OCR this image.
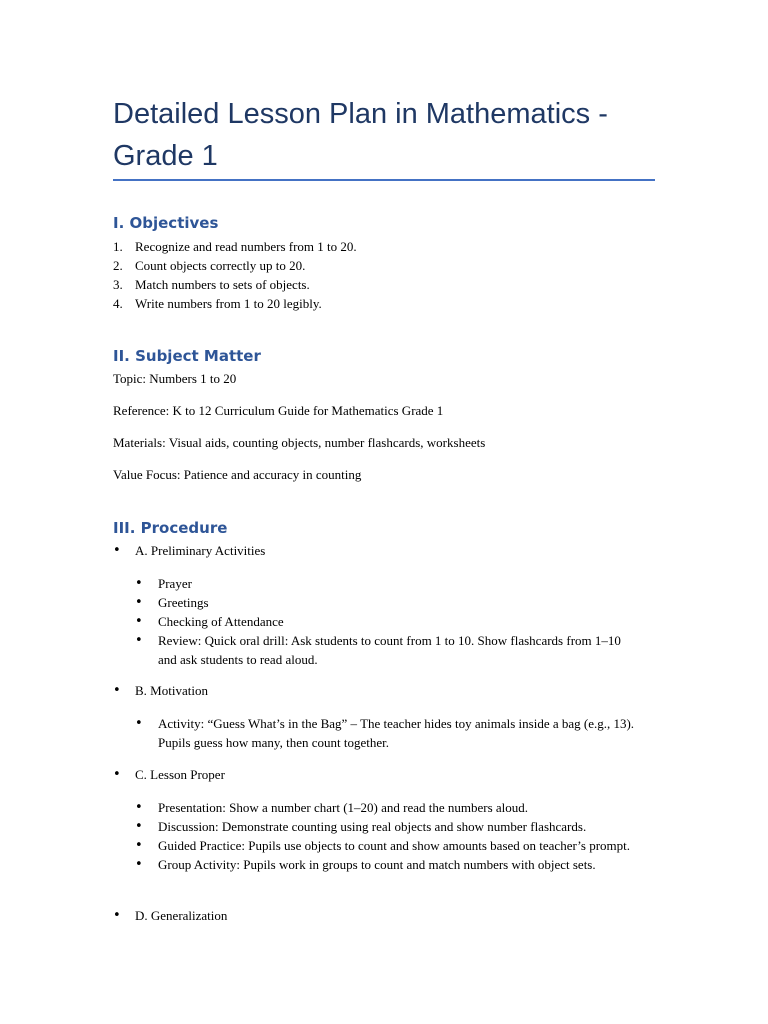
Detailed Lesson Plan in Mathematics - Grade 1
I. Objectives
1. Recognize and read numbers from 1 to 20.
2. Count objects correctly up to 20.
3. Match numbers to sets of objects.
4. Write numbers from 1 to 20 legibly.
II. Subject Matter

Topic: Numbers 1 to 20

Reference: K to 12 Curriculum Guide for Mathematics Grade 1

Materials: Visual aids, counting objects, number flashcards, worksheets

Value Focus: Patience and accuracy in counting

III. Procedure
• A. Preliminary Activities
• Prayer
• Greetings
• Checking of Attendance
• Review: Quick oral drill: Ask students to count from 1 to 10. Show flashcards from 1–10 and ask students to read aloud.
• B. Motivation
• Activity: “Guess What’s in the Bag” – The teacher hides toy animals inside a bag (e.g., 13). Pupils guess how many, then count together.
• C. Lesson Proper
• Presentation: Show a number chart (1–20) and read the numbers aloud.
• Discussion: Demonstrate counting using real objects and show number flashcards.
• Guided Practice: Pupils use objects to count and show amounts based on teacher’s prompt.
• Group Activity: Pupils work in groups to count and match numbers with object sets.
• D. Generalization
